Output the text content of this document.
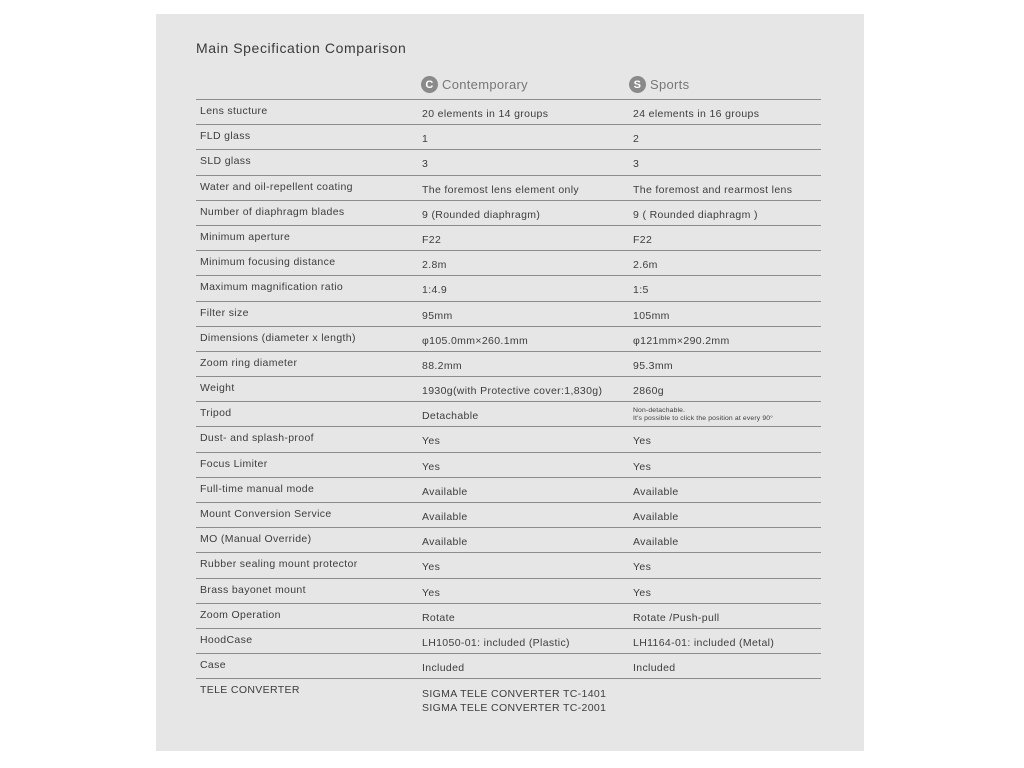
Main Specification Comparison
C Contemporary	S Sports
Lens stucture	20 elements in 14 groups	24 elements in 16 groups
FLD glass	1	2
SLD glass	3	3
Water and oil-repellent coating	The foremost lens element only	The foremost and rearmost lens
Number of diaphragm blades	9 (Rounded diaphragm)	9 ( Rounded diaphragm )
Minimum aperture	F22	F22
Minimum focusing distance	2.8m	2.6m
Maximum magnification ratio	1:4.9	1:5
Filter size	95mm	105mm
Dimensions (diameter x length)	φ105.0mm×260.1mm	φ121mm×290.2mm
Zoom ring diameter	88.2mm	95.3mm
Weight	1930g(with Protective cover:1,830g)	2860g
Tripod	Detachable	Non-detachable.
It's possible to click the position at every 90°
Dust- and splash-proof	Yes	Yes
Focus Limiter	Yes	Yes
Full-time manual mode	Available	Available
Mount Conversion Service	Available	Available
MO (Manual Override)	Available	Available
Rubber sealing mount protector	Yes	Yes
Brass bayonet mount	Yes	Yes
Zoom Operation	Rotate	Rotate /Push-pull
HoodCase	LH1050-01: included (Plastic)	LH1164-01: included (Metal)
Case	Included	Included
TELE CONVERTER	SIGMA TELE CONVERTER TC-1401
SIGMA TELE CONVERTER TC-2001
